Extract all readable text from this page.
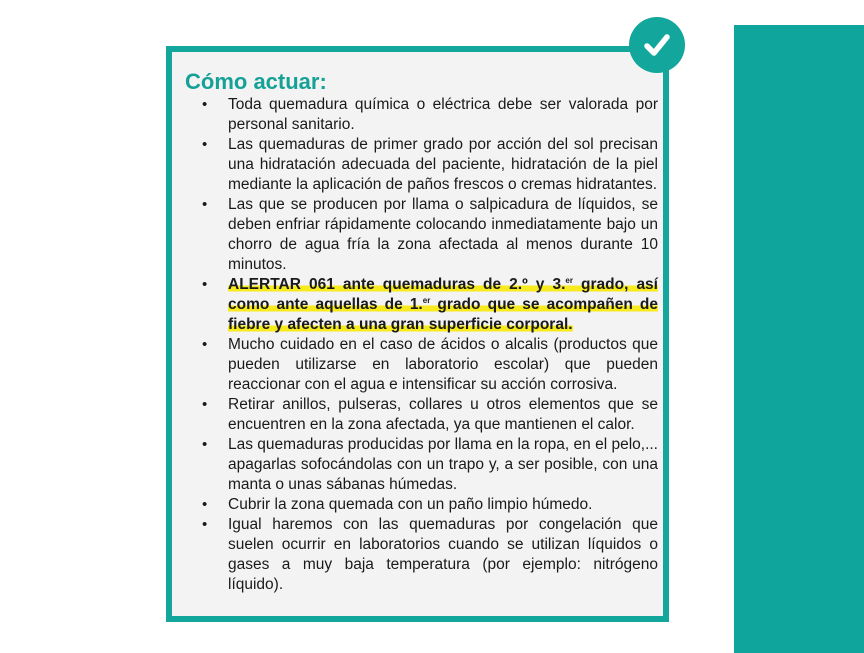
Cómo actuar:
• Toda quemadura química o eléctrica debe ser valorada por personal sanitario.
• Las quemaduras de primer grado por acción del sol precisan una hidratación adecuada del paciente, hidratación de la piel mediante la aplicación de paños frescos o cremas hidratantes.
• Las que se producen por llama o salpicadura de líquidos, se deben enfriar rápidamente colocando inmediatamente bajo un chorro de agua fría la zona afectada al menos durante 10 minutos.
• ALERTAR 061 ante quemaduras de 2.º y 3.$^{er}$ grado, así como ante aquellas de 1.$^{er}$ grado que se acompañen de fiebre y afecten a una gran superficie corporal.
• Mucho cuidado en el caso de ácidos o alcalis (productos que pueden utilizarse en laboratorio escolar) que pueden reaccionar con el agua e intensificar su acción corrosiva.
• Retirar anillos, pulseras, collares u otros elementos que se encuentren en la zona afectada, ya que mantienen el calor.
• Las quemaduras producidas por llama en la ropa, en el pelo,... apagarlas sofocándolas con un trapo y, a ser posible, con una manta o unas sábanas húmedas.
• Cubrir la zona quemada con un paño limpio húmedo.
• Igual haremos con las quemaduras por congelación que suelen ocurrir en laboratorios cuando se utilizan líquidos o gases a muy baja temperatura (por ejemplo: nitrógeno líquido).
